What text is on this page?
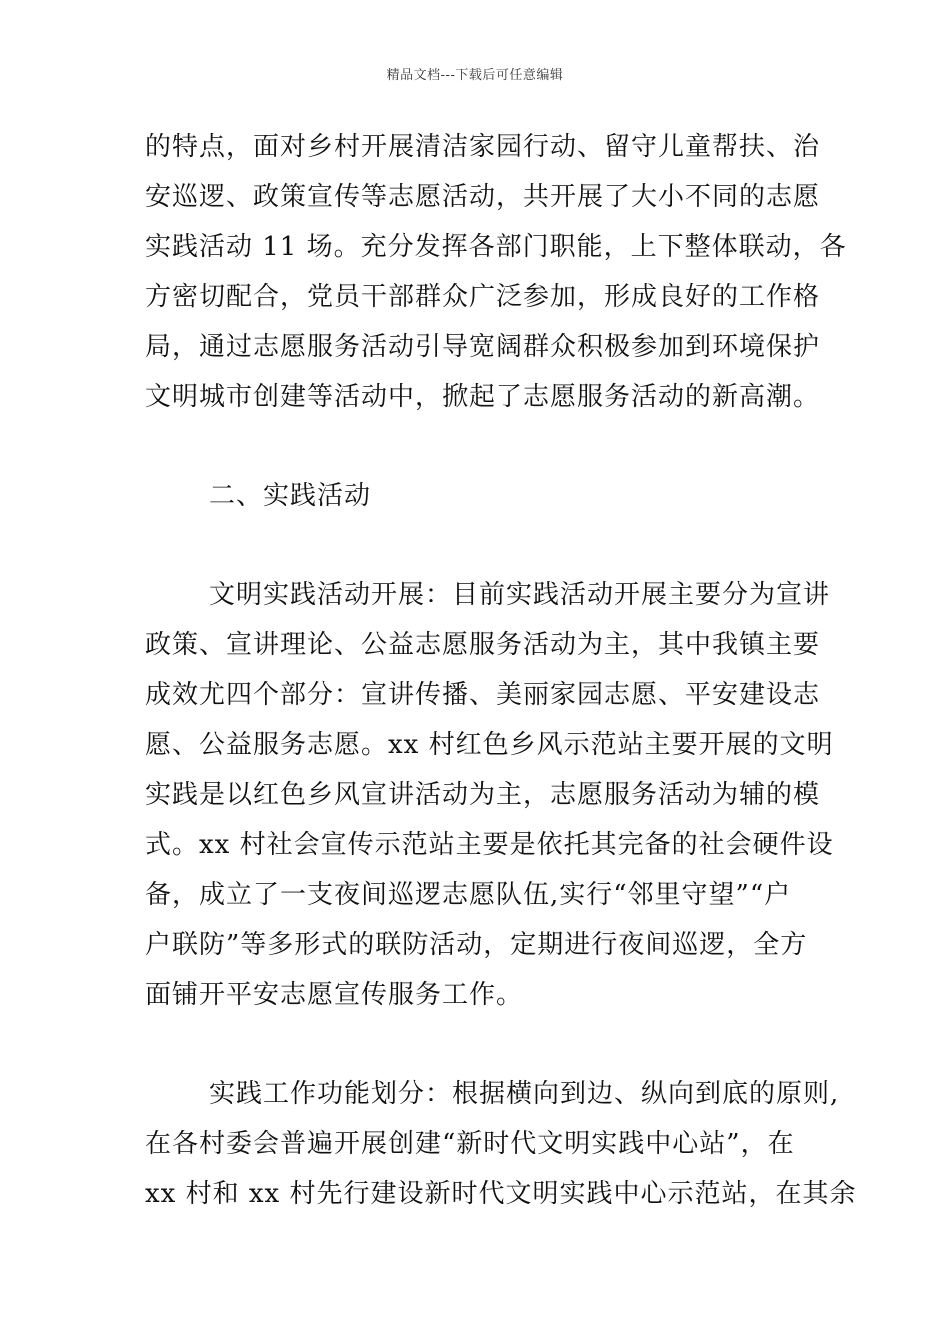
精品文档---下载后可任意编辑
的特点，面对乡村开展清洁家园行动、留守儿童帮扶、治
安巡逻、政策宣传等志愿活动，共开展了大小不同的志愿
实践活动 11 场。充分发挥各部门职能，上下整体联动，各
方密切配合，党员干部群众广泛参加，形成良好的工作格
局，通过志愿服务活动引导宽阔群众积极参加到环境保护
文明城市创建等活动中，掀起了志愿服务活动的新高潮。
二、实践活动
文明实践活动开展：目前实践活动开展主要分为宣讲
政策、宣讲理论、公益志愿服务活动为主，其中我镇主要
成效尤四个部分：宣讲传播、美丽家园志愿、平安建设志
愿、公益服务志愿。xx 村红色乡风示范站主要开展的文明
实践是以红色乡风宣讲活动为主，志愿服务活动为辅的模
式。xx 村社会宣传示范站主要是依托其完备的社会硬件设
备，成立了一支夜间巡逻志愿队伍,实行“邻里守望”“户
户联防”等多形式的联防活动，定期进行夜间巡逻，全方
面铺开平安志愿宣传服务工作。
实践工作功能划分：根据横向到边、纵向到底的原则,
在各村委会普遍开展创建“新时代文明实践中心站”，在
xx 村和 xx 村先行建设新时代文明实践中心示范站，在其余
